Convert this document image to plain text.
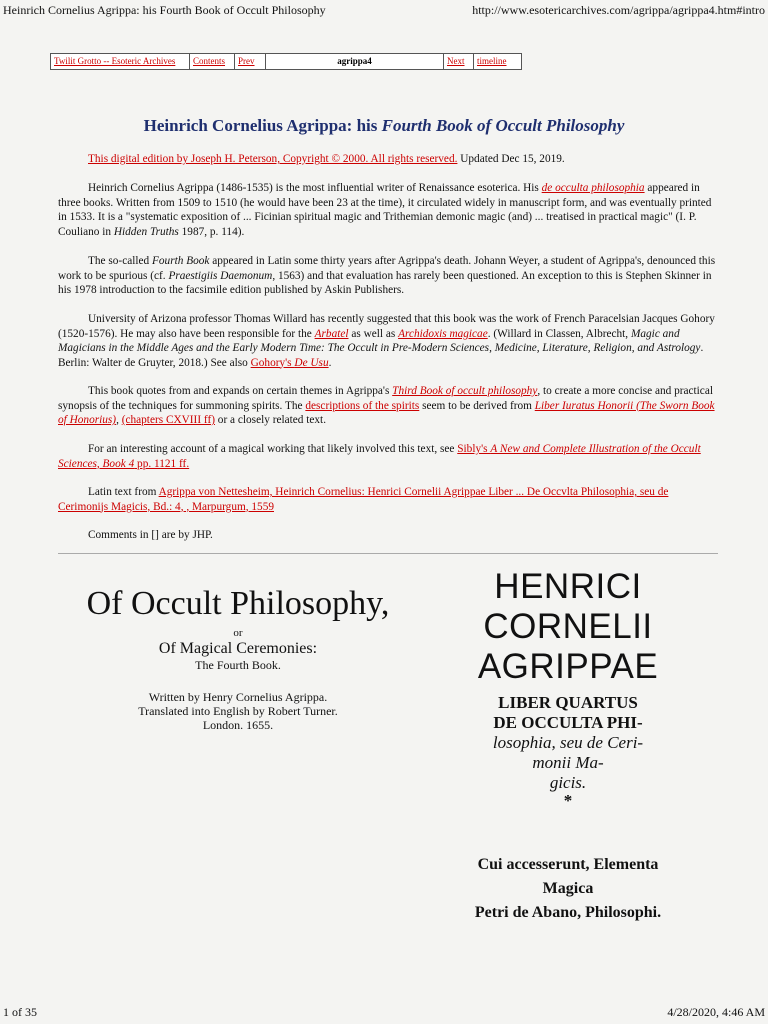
Heinrich Cornelius Agrippa: his Fourth Book of Occult Philosophy	http://www.esotericarchives.com/agrippa/agrippa4.htm#intro
Twilit Grotto -- Esoteric Archives	Contents	Prev	agrippa4	Next	timeline
Heinrich Cornelius Agrippa: his Fourth Book of Occult Philosophy

This digital edition by Joseph H. Peterson, Copyright © 2000. All rights reserved. Updated Dec 15, 2019.

Heinrich Cornelius Agrippa (1486-1535) is the most influential writer of Renaissance esoterica. His de occulta philosophia appeared in three books. Written from 1509 to 1510 (he would have been 23 at the time), it circulated widely in manuscript form, and was eventually printed in 1533. It is a "systematic exposition of ... Ficinian spiritual magic and Trithemian demonic magic (and) ... treatised in practical magic" (I. P. Couliano in Hidden Truths 1987, p. 114).

The so-called Fourth Book appeared in Latin some thirty years after Agrippa's death. Johann Weyer, a student of Agrippa's, denounced this work to be spurious (cf. Praestigiis Daemonum, 1563) and that evaluation has rarely been questioned. An exception to this is Stephen Skinner in his 1978 introduction to the facsimile edition published by Askin Publishers.

University of Arizona professor Thomas Willard has recently suggested that this book was the work of French Paracelsian Jacques Gohory (1520-1576). He may also have been responsible for the Arbatel as well as Archidoxis magicae. (Willard in Classen, Albrecht, Magic and Magicians in the Middle Ages and the Early Modern Time: The Occult in Pre-Modern Sciences, Medicine, Literature, Religion, and Astrology. Berlin: Walter de Gruyter, 2018.) See also Gohory's De Usu.

This book quotes from and expands on certain themes in Agrippa's Third Book of occult philosophy, to create a more concise and practical synopsis of the techniques for summoning spirits. The descriptions of the spirits seem to be derived from Liber Iuratus Honorii (The Sworn Book of Honorius), (chapters CXVIII ff) or a closely related text.

For an interesting account of a magical working that likely involved this text, see Sibly's A New and Complete Illustration of the Occult Sciences, Book 4 pp. 1121 ff.

Latin text from Agrippa von Nettesheim, Heinrich Cornelius: Henrici Cornelii Agrippae Liber ... De Occvlta Philosophia, seu de Cerimonijs Magicis, Bd.: 4, , Marpurgum, 1559

Comments in [] are by JHP.

Of Occult Philosophy,
or
Of Magical Ceremonies:
The Fourth Book.
Written by Henry Cornelius Agrippa.
Translated into English by Robert Turner.
London. 1655.
HENRICI
CORNELII
AGRIPPAE
LIBER QUARTUS
DE OCCULTA PHI-
losophia, seu de Ceri-
monii Ma-
gicis.
*
Cui accesserunt, Elementa
Magica
Petri de Abano, Philosophi.
1 of 35	4/28/2020, 4:46 AM
